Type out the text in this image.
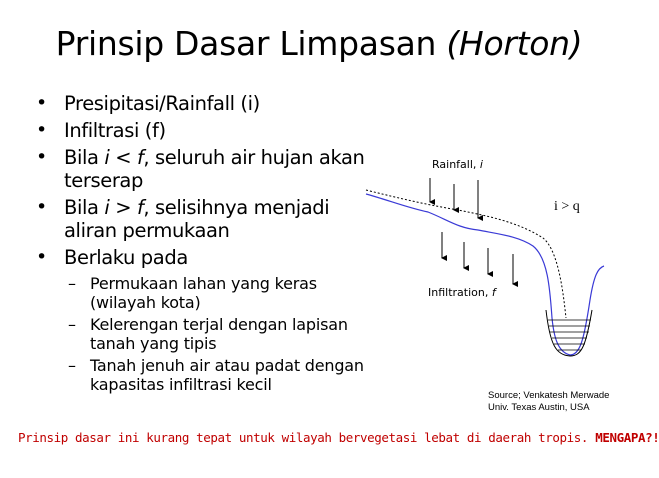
Prinsip Dasar Limpasan (Horton)
• Presipitasi/Rainfall (i)
• Infiltrasi (f)
• Bila i < f, seluruh air hujan akan terserap
• Bila i > f, selisihnya menjadi aliran permukaan
• Berlaku pada
– Permukaan lahan yang keras (wilayah kota)
– Kelerengan terjal dengan lapisan tanah yang tipis
– Tanah jenuh air atau padat dengan kapasitas infiltrasi kecil
Rainfall, i
Infiltration, f
i > q
Source; Venkatesh Merwade
Univ. Texas Austin, USA
Prinsip dasar ini kurang tepat untuk wilayah bervegetasi lebat di daerah tropis. MENGAPA?!
